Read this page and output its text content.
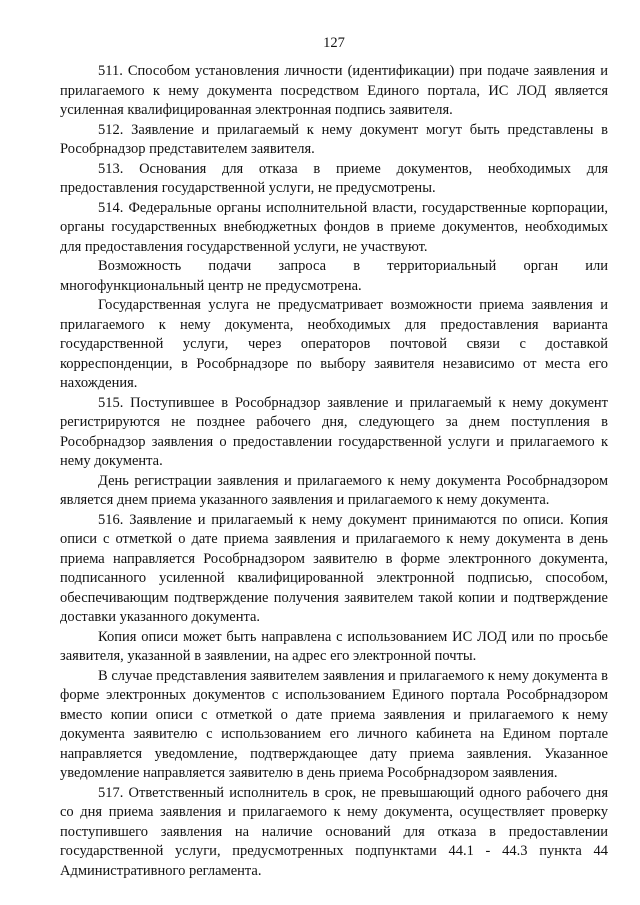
127

511. Способом установления личности (идентификации) при подаче заявления и прилагаемого к нему документа посредством Единого портала, ИС ЛОД является усиленная квалифицированная электронная подпись заявителя.

512. Заявление и прилагаемый к нему документ могут быть представлены в Рособрнадзор представителем заявителя.

513. Основания для отказа в приеме документов, необходимых для предоставления государственной услуги, не предусмотрены.

514. Федеральные органы исполнительной власти, государственные корпорации, органы государственных внебюджетных фондов в приеме документов, необходимых для предоставления государственной услуги, не участвуют.

Возможность подачи запроса в территориальный орган или многофункциональный центр не предусмотрена.

Государственная услуга не предусматривает возможности приема заявления и прилагаемого к нему документа, необходимых для предоставления варианта государственной услуги, через операторов почтовой связи с доставкой корреспонденции, в Рособрнадзоре по выбору заявителя независимо от места его нахождения.

515. Поступившее в Рособрнадзор заявление и прилагаемый к нему документ регистрируются не позднее рабочего дня, следующего за днем поступления в Рособрнадзор заявления о предоставлении государственной услуги и прилагаемого к нему документа.

День регистрации заявления и прилагаемого к нему документа Рособрнадзором является днем приема указанного заявления и прилагаемого к нему документа.

516. Заявление и прилагаемый к нему документ принимаются по описи. Копия описи с отметкой о дате приема заявления и прилагаемого к нему документа в день приема направляется Рособрнадзором заявителю в форме электронного документа, подписанного усиленной квалифицированной электронной подписью, способом, обеспечивающим подтверждение получения заявителем такой копии и подтверждение доставки указанного документа.

Копия описи может быть направлена с использованием ИС ЛОД или по просьбе заявителя, указанной в заявлении, на адрес его электронной почты.

В случае представления заявителем заявления и прилагаемого к нему документа в форме электронных документов с использованием Единого портала Рособрнадзором вместо копии описи с отметкой о дате приема заявления и прилагаемого к нему документа заявителю с использованием его личного кабинета на Едином портале направляется уведомление, подтверждающее дату приема заявления. Указанное уведомление направляется заявителю в день приема Рособрнадзором заявления.

517. Ответственный исполнитель в срок, не превышающий одного рабочего дня со дня приема заявления и прилагаемого к нему документа, осуществляет проверку поступившего заявления на наличие оснований для отказа в предоставлении государственной услуги, предусмотренных подпунктами 44.1 - 44.3 пункта 44 Административного регламента.
